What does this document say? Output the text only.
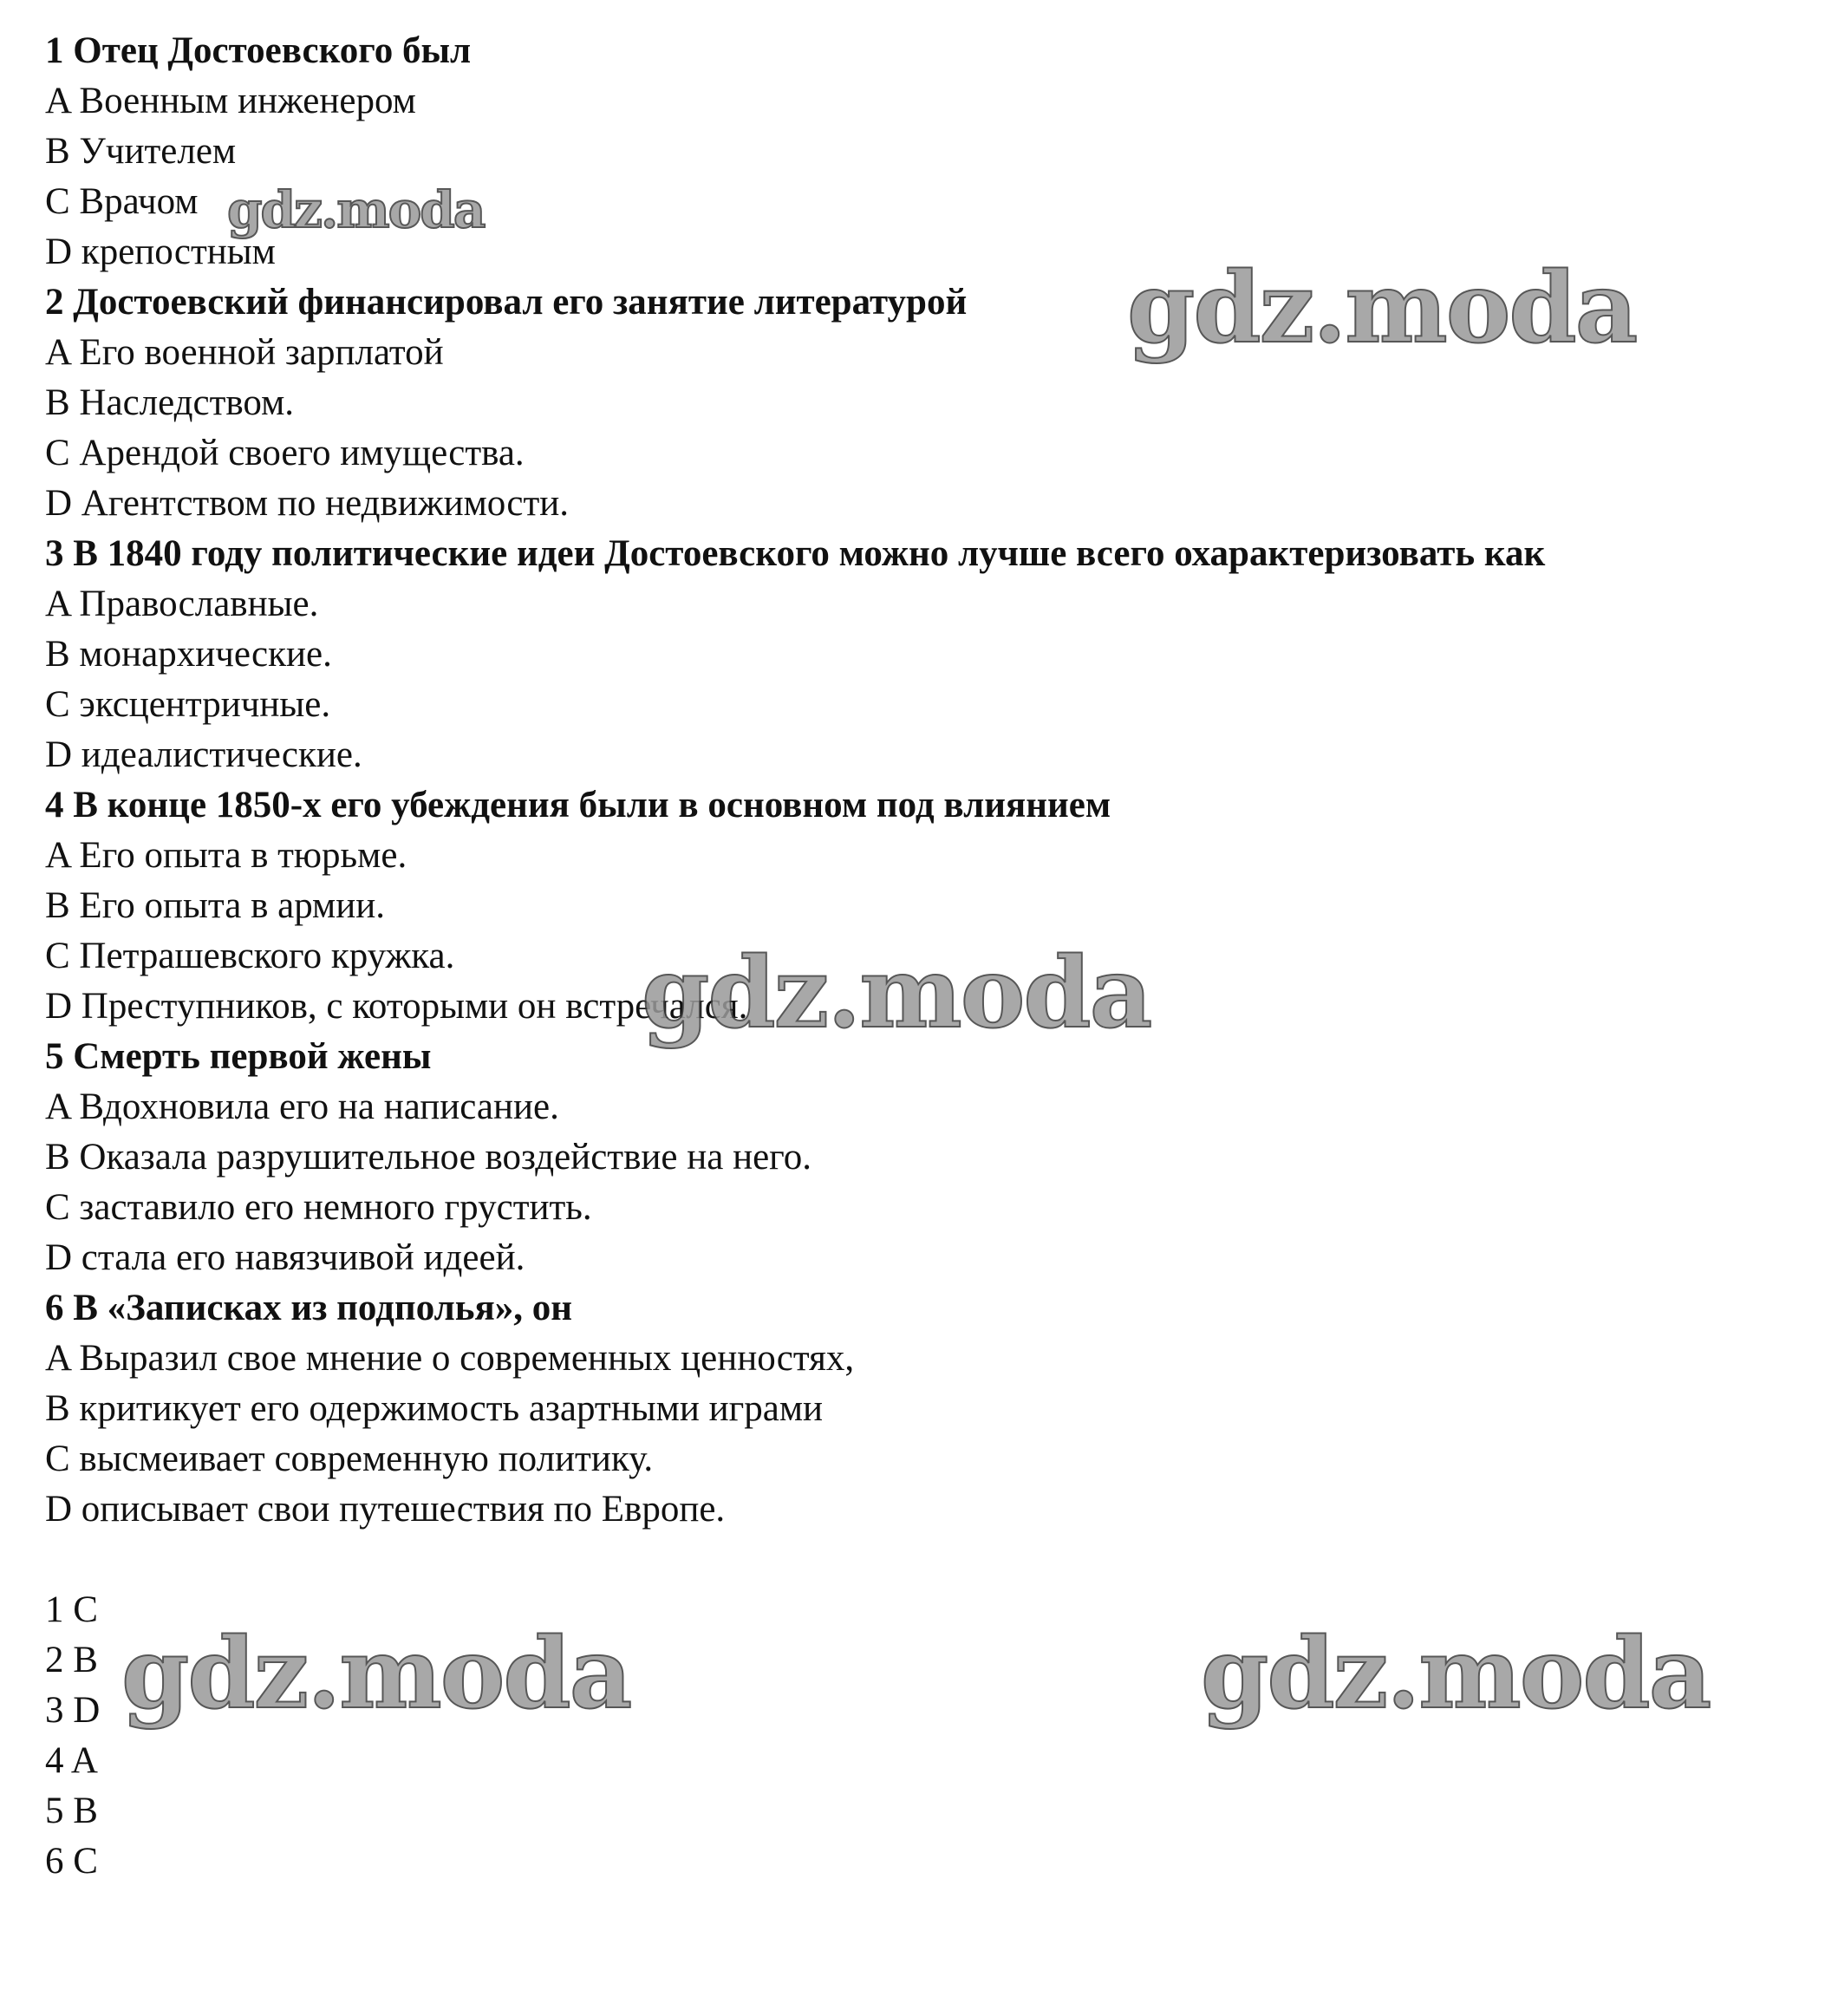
1 Отец Достоевского был
A Военным инженером
B Учителем
C Врачом
D крепостным
2 Достоевский финансировал его занятие литературой
A Его военной зарплатой
B Наследством.
C Арендой своего имущества.
D Агентством по недвижимости.
3 В 1840 году политические идеи Достоевского можно лучше всего охарактеризовать как
A Православные.
B монархические.
C эксцентричные.
D идеалистические.
4 В конце 1850-х его убеждения были в основном под влиянием
A Его опыта в тюрьме.
B Его опыта в армии.
C Петрашевского кружка.
D Преступников, с которыми он встречался.
5 Смерть первой жены
A Вдохновила его на написание.
B Оказала разрушительное воздействие на него.
C заставило его немного грустить.
D стала его навязчивой идеей.
6 В «Записках из подполья», он
A Выразил свое мнение о современных ценностях,
B критикует его одержимость азартными играми
C высмеивает современную политику.
D описывает свои путешествия по Европе.
1 C
2 B
3 D
4 A
5 B
6 C
gdz.moda
gdz.moda
gdz.moda
gdz.moda	gdz.moda
